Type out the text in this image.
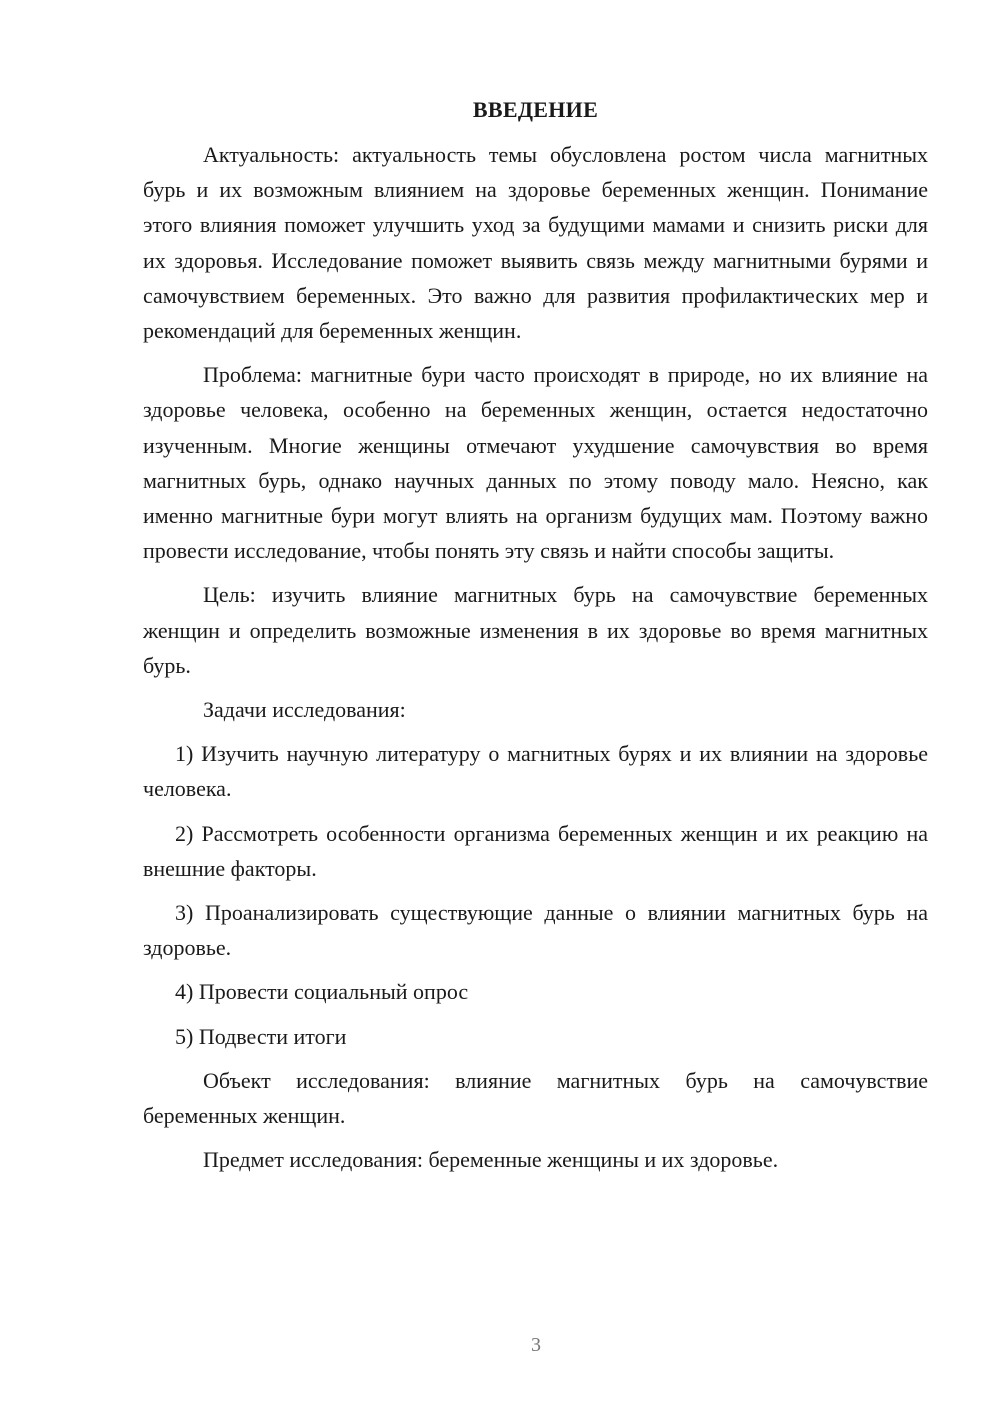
ВВЕДЕНИЕ

Актуальность: актуальность темы обусловлена ростом числа магнитных бурь и их возможным влиянием на здоровье беременных женщин. Понимание этого влияния поможет улучшить уход за будущими мамами и снизить риски для их здоровья. Исследование поможет выявить связь между магнитными бурями и самочувствием беременных. Это важно для развития профилактических мер и рекомендаций для беременных женщин.

Проблема: магнитные бури часто происходят в природе, но их влияние на здоровье человека, особенно на беременных женщин, остается недостаточно изученным. Многие женщины отмечают ухудшение самочувствия во время магнитных бурь, однако научных данных по этому поводу мало. Неясно, как именно магнитные бури могут влиять на организм будущих мам. Поэтому важно провести исследование, чтобы понять эту связь и найти способы защиты.

Цель: изучить влияние магнитных бурь на самочувствие беременных женщин и определить возможные изменения в их здоровье во время магнитных бурь.

Задачи исследования:

1) Изучить научную литературу о магнитных бурях и их влиянии на здоровье человека.

2) Рассмотреть особенности организма беременных женщин и их реакцию на внешние факторы.

3) Проанализировать существующие данные о влиянии магнитных бурь на здоровье.

4) Провести социальный опрос

5) Подвести итоги

Объект исследования: влияние магнитных бурь на самочувствие беременных женщин.

Предмет исследования: беременные женщины и их здоровье.

3
